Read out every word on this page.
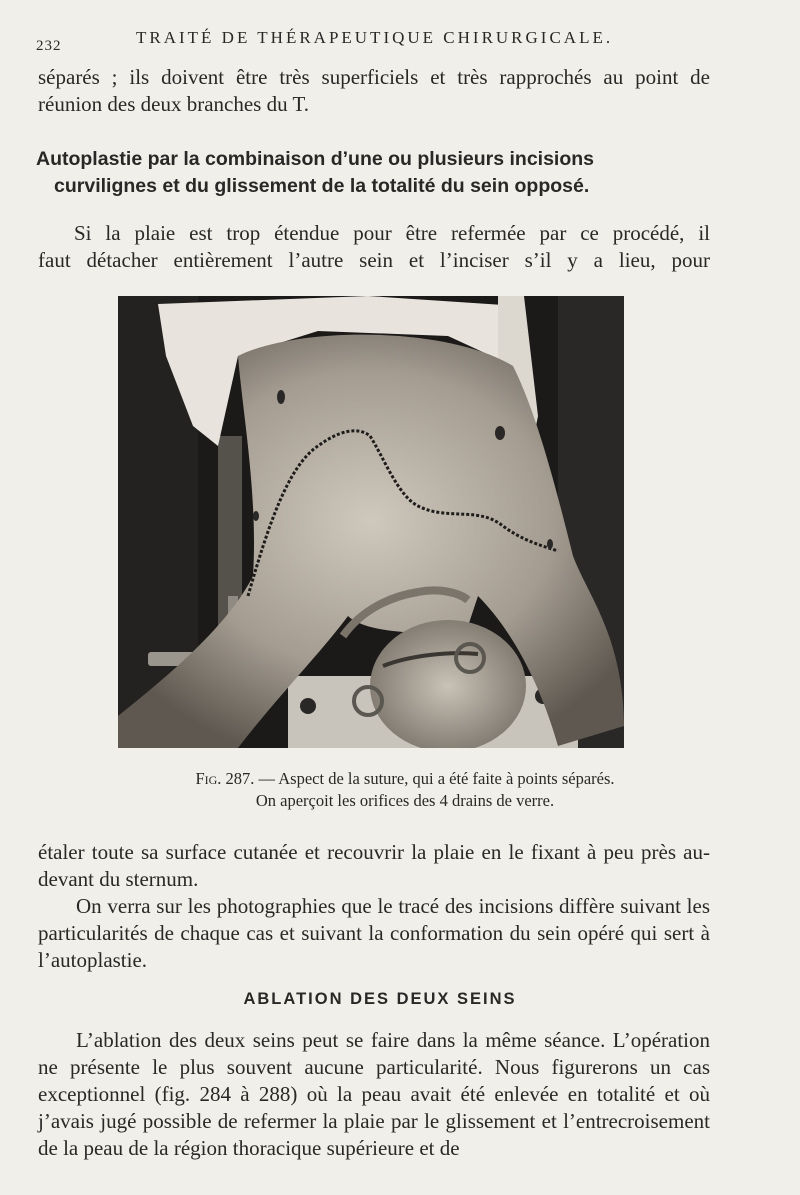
232	TRAITÉ DE THÉRAPEUTIQUE CHIRURGICALE.
séparés ; ils doivent être très superficiels et très rapprochés au point de
réunion des deux branches du T.
Autoplastie par la combinaison d’une ou plusieurs incisions
curvilignes et du glissement de la totalité du sein opposé.
Si la plaie est trop étendue pour être refermée par ce procédé, il
faut détacher entièrement l’autre sein et l’inciser s’il y a lieu, pour
Fig. 287. — Aspect de la suture, qui a été faite à points séparés.
On aperçoit les orifices des 4 drains de verre.
étaler toute sa surface cutanée et recouvrir la plaie en le fixant à peu près au-devant du sternum.
On verra sur les photographies que le tracé des incisions diffère suivant les particularités de chaque cas et suivant la conformation du sein opéré qui sert à l’autoplastie.
ABLATION DES DEUX SEINS
L’ablation des deux seins peut se faire dans la même séance. L’opération ne présente le plus souvent aucune particularité. Nous figurerons un cas exceptionnel (fig. 284 à 288) où la peau avait été enlevée en totalité et où j’avais jugé possible de refermer la plaie par le glissement et l’entrecroisement de la peau de la région thoracique supérieure et de
